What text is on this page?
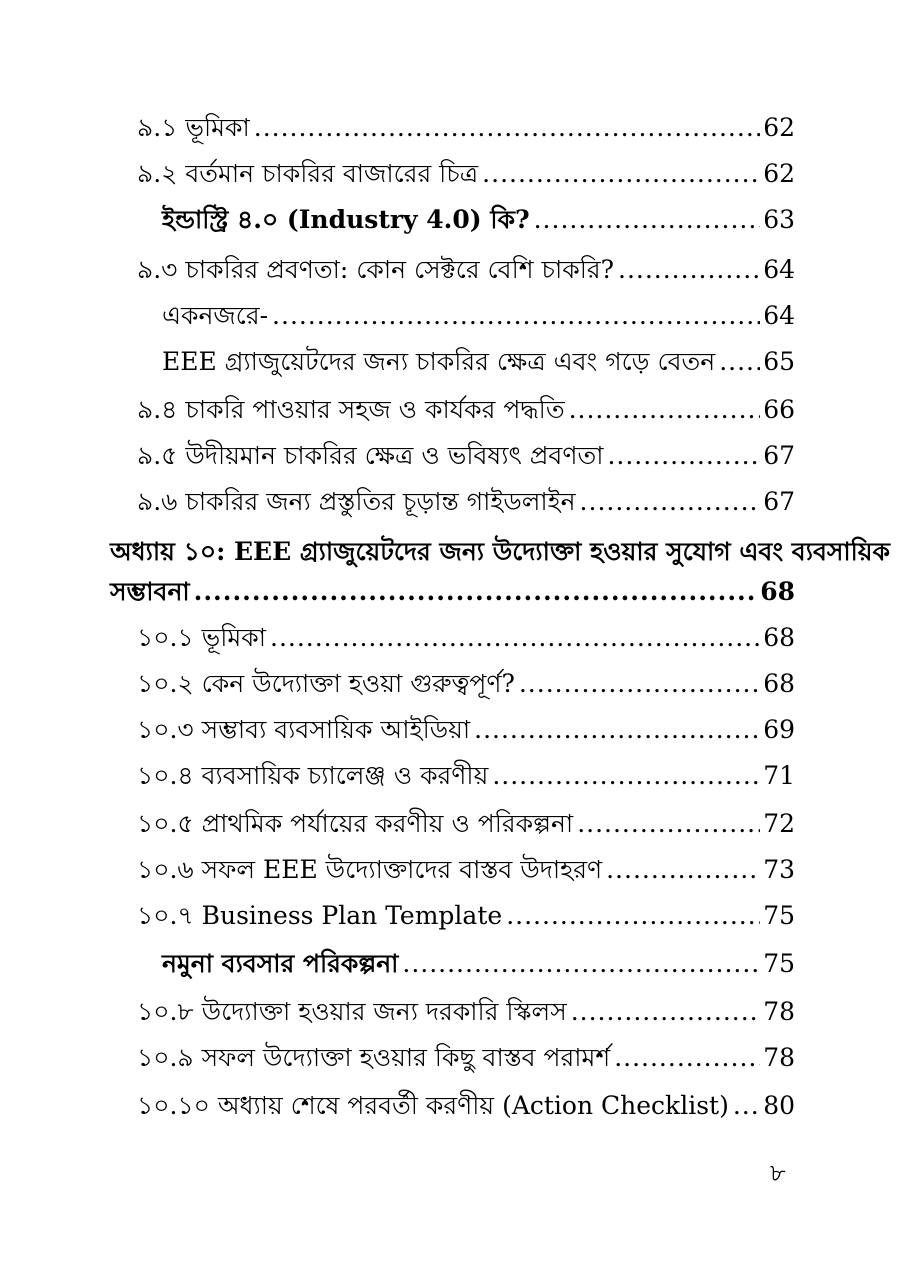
৯.১ ভূমিকা .....	62
৯.২ বর্তমান চাকরির বাজারের চিত্র .....	62
ইন্ডাস্ট্রি ৪.০ (Industry 4.0) কি? .....	63
৯.৩ চাকরির প্রবণতা: কোন সেক্টরে বেশি চাকরি? .....	64
একনজরে- .....	64
EEE গ্র্যাজুয়েটদের জন্য চাকরির ক্ষেত্র এবং গড়ে বেতন ..... 65
৯.৪ চাকরি পাওয়ার সহজ ও কার্যকর পদ্ধতি .....	66
৯.৫ উদীয়মান চাকরির ক্ষেত্র ও ভবিষ্যৎ প্রবণতা .....	67
৯.৬ চাকরির জন্য প্রস্তুতির চূড়ান্ত গাইডলাইন .....	67
অধ্যায় ১০: EEE গ্র্যাজুয়েটদের জন্য উদ্যোক্তা হওয়ার সুযোগ এবং ব্যবসায়িক
সম্ভাবনা .....	68
১০.১ ভূমিকা .....	68
১০.২ কেন উদ্যোক্তা হওয়া গুরুত্বপূর্ণ? .....	68
১০.৩ সম্ভাব্য ব্যবসায়িক আইডিয়া .....	69
১০.৪ ব্যবসায়িক চ্যালেঞ্জ ও করণীয় .....	71
১০.৫ প্রাথমিক পর্যায়ের করণীয় ও পরিকল্পনা .....	72
১০.৬ সফল EEE উদ্যোক্তাদের বাস্তব উদাহরণ .....	73
১০.৭ Business Plan Template .....	75
নমুনা ব্যবসার পরিকল্পনা .....	75
১০.৮ উদ্যোক্তা হওয়ার জন্য দরকারি স্কিলস .....	78
১০.৯ সফল উদ্যোক্তা হওয়ার কিছু বাস্তব পরামর্শ .....	78
১০.১০ অধ্যায় শেষে পরবর্তী করণীয় (Action Checklist) ..... 80
৮
